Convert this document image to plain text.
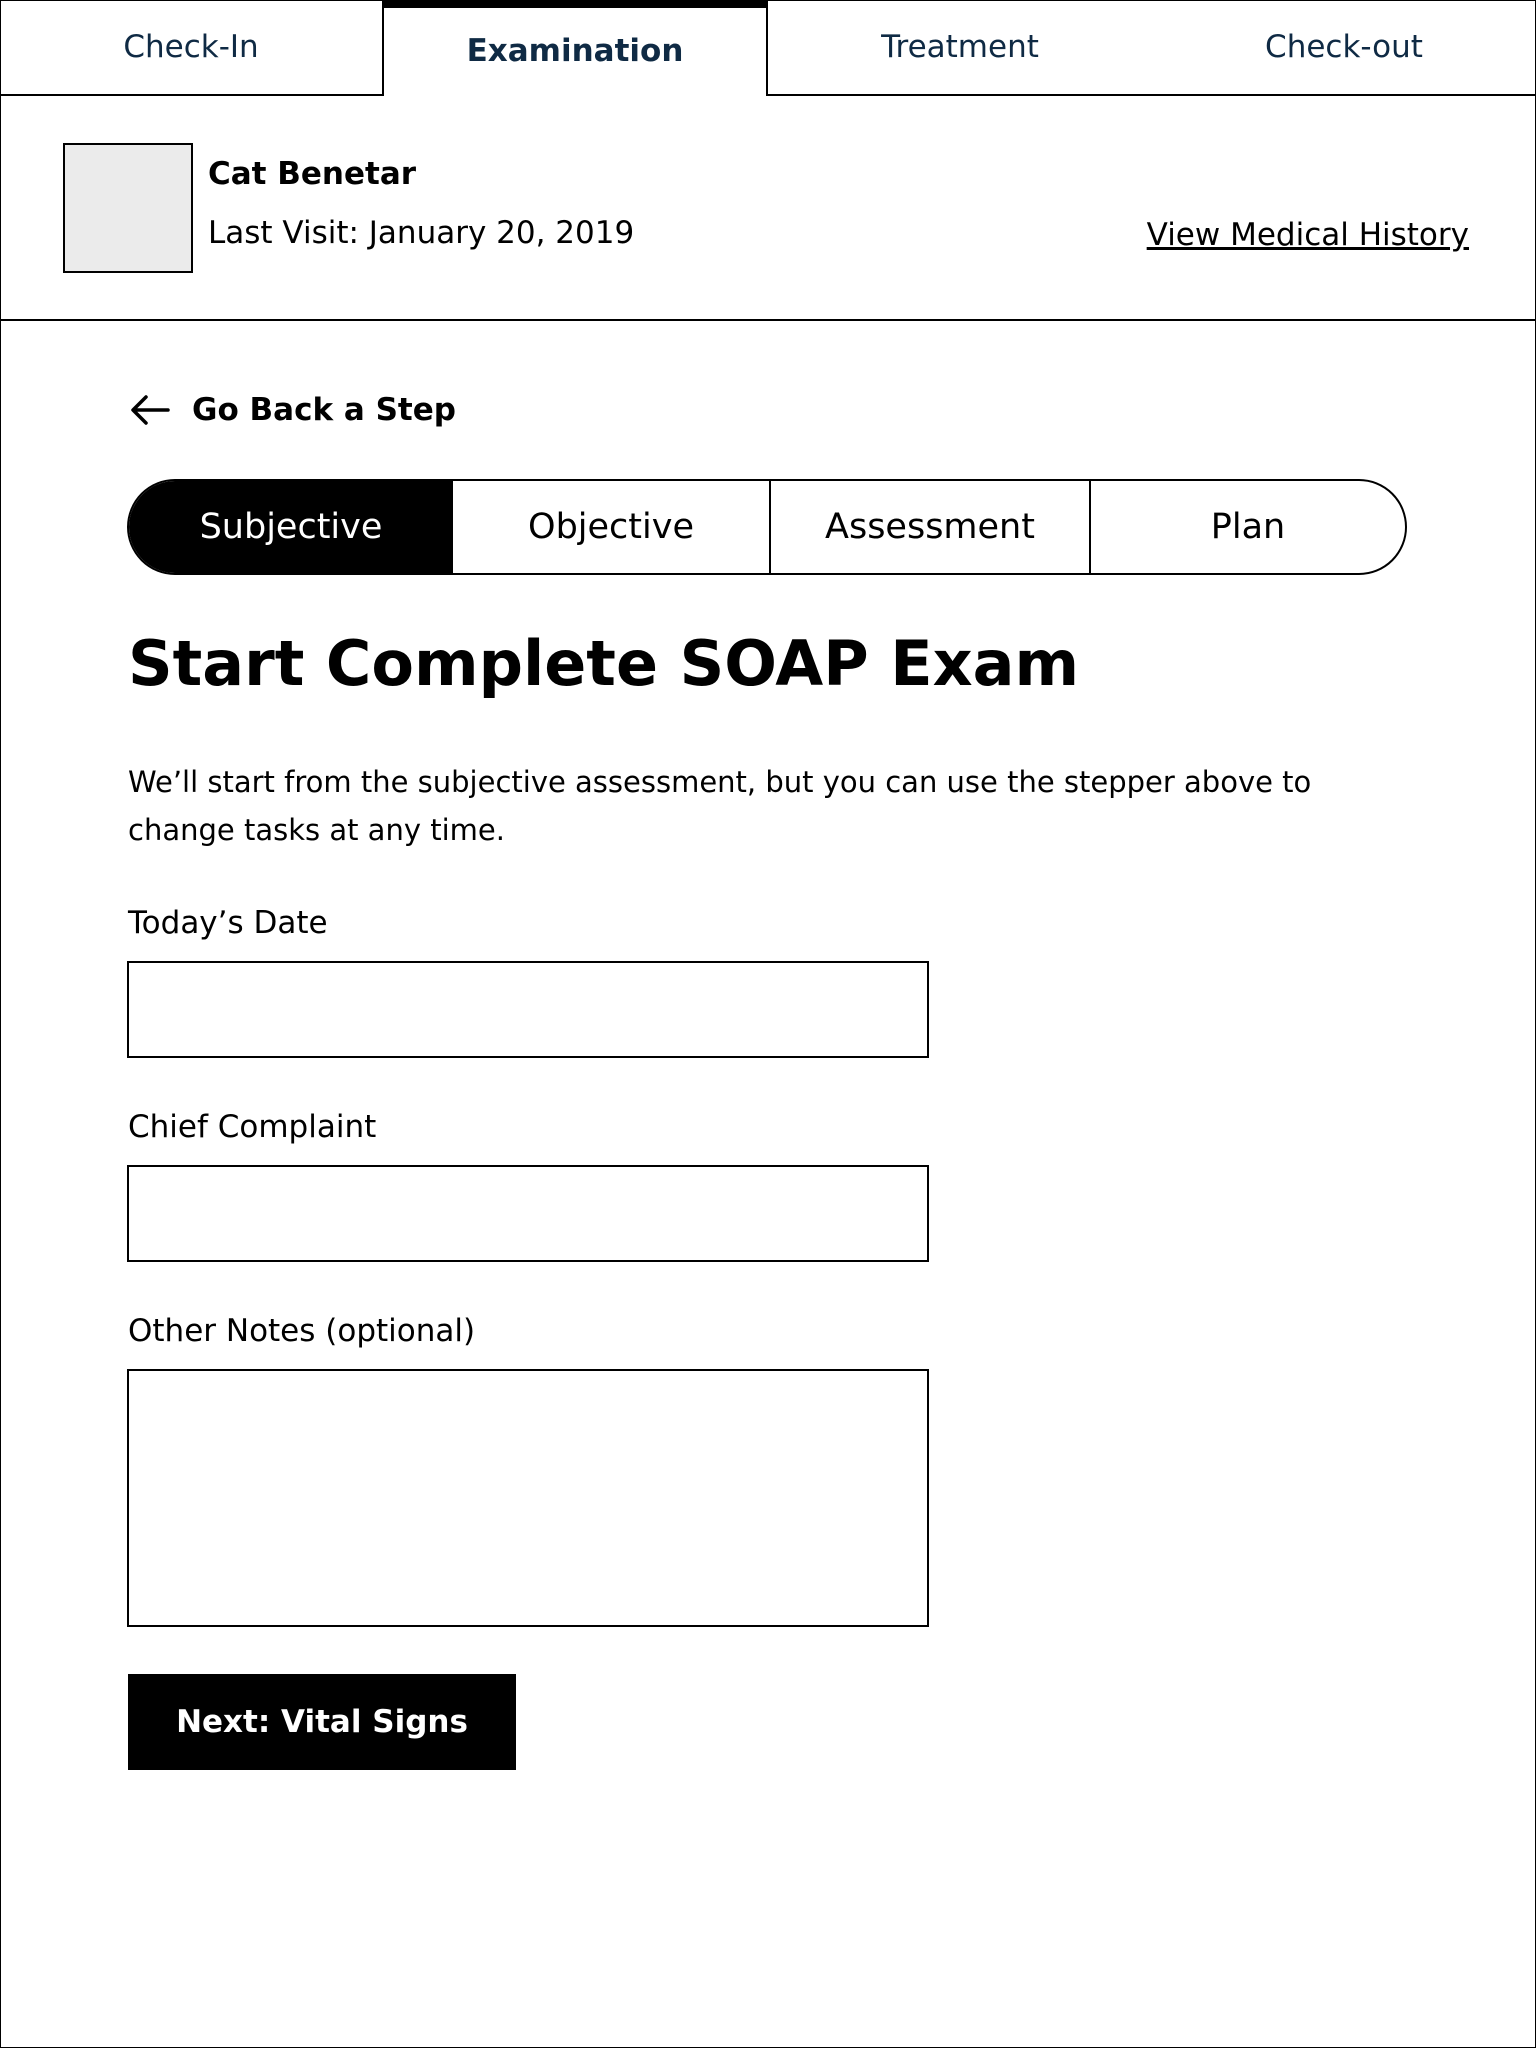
Check-In	Examination	Treatment	Check-out
Cat Benetar
Last Visit: January 20, 2019	View Medical History
Go Back a Step
Subjective	Objective	Assessment	Plan
Start Complete SOAP Exam

We’ll start from the subjective assessment, but you can use the stepper above to change tasks at any time.

Today’s Date
Chief Complaint
Other Notes (optional)
Next: Vital Signs
